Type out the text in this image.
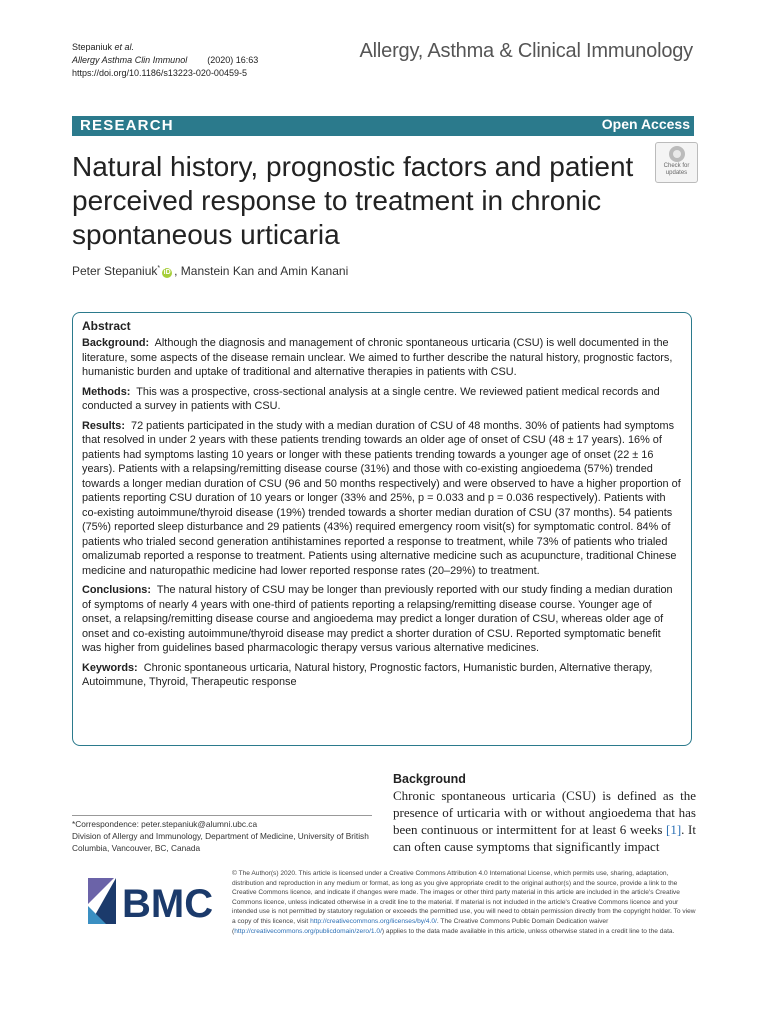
Stepaniuk et al.
Allergy Asthma Clin Immunol (2020) 16:63
https://doi.org/10.1186/s13223-020-00459-5
Allergy, Asthma & Clinical Immunology
RESEARCH	Open Access
Natural history, prognostic factors and patient perceived response to treatment in chronic spontaneous urticaria
Check for
updates
Peter Stepaniuk*iD , Manstein Kan and Amin Kanani
Abstract

Background: Although the diagnosis and management of chronic spontaneous urticaria (CSU) is well documented in the literature, some aspects of the disease remain unclear. We aimed to further describe the natural history, prognostic factors, humanistic burden and uptake of traditional and alternative therapies in patients with CSU.

Methods: This was a prospective, cross-sectional analysis at a single centre. We reviewed patient medical records and conducted a survey in patients with CSU.

Results: 72 patients participated in the study with a median duration of CSU of 48 months. 30% of patients had symptoms that resolved in under 2 years with these patients trending towards an older age of onset of CSU (48 ± 17 years). 16% of patients had symptoms lasting 10 years or longer with these patients trending towards a younger age of onset (22 ± 16 years). Patients with a relapsing/remitting disease course (31%) and those with co-existing angioedema (57%) trended towards a longer median duration of CSU (96 and 50 months respectively) and were observed to have a higher proportion of patients reporting CSU duration of 10 years or longer (33% and 25%, p = 0.033 and p = 0.036 respectively). Patients with co-existing autoimmune/thyroid disease (19%) trended towards a shorter median duration of CSU (37 months). 54 patients (75%) reported sleep disturbance and 29 patients (43%) required emergency room visit(s) for symptomatic control. 84% of patients who trialed second generation antihistamines reported a response to treatment, while 73% of patients who trialed omalizumab reported a response to treatment. Patients using alternative medicine such as acupuncture, traditional Chinese medicine and naturopathic medicine had lower reported response rates (20–29%) to treatment.

Conclusions: The natural history of CSU may be longer than previously reported with our study finding a median duration of symptoms of nearly 4 years with one-third of patients reporting a relapsing/remitting disease course. Younger age of onset, a relapsing/remitting disease course and angioedema may predict a longer duration of CSU, whereas older age of onset and co-existing autoimmune/thyroid disease may predict a shorter duration of CSU. Reported symptomatic benefit was higher from guidelines based pharmacologic therapy versus various alternative medicines.

Keywords: Chronic spontaneous urticaria, Natural history, Prognostic factors, Humanistic burden, Alternative therapy, Autoimmune, Thyroid, Therapeutic response

Background
Chronic spontaneous urticaria (CSU) is defined as the presence of urticaria with or without angioedema that has been continuous or intermittent for at least 6 weeks [1]. It can often cause symptoms that significantly impact
*Correspondence: peter.stepaniuk@alumni.ubc.ca
Division of Allergy and Immunology, Department of Medicine, University of British Columbia, Vancouver, BC, Canada
BMC
© The Author(s) 2020. This article is licensed under a Creative Commons Attribution 4.0 International License, which permits use, sharing, adaptation, distribution and reproduction in any medium or format, as long as you give appropriate credit to the original author(s) and the source, provide a link to the Creative Commons licence, and indicate if changes were made. The images or other third party material in this article are included in the article's Creative Commons licence, unless indicated otherwise in a credit line to the material. If material is not included in the article's Creative Commons licence and your intended use is not permitted by statutory regulation or exceeds the permitted use, you will need to obtain permission directly from the copyright holder. To view a copy of this licence, visit http://creativecommons.org/licenses/by/4.0/. The Creative Commons Public Domain Dedication waiver (http://creativecommons.org/publicdomain/zero/1.0/) applies to the data made available in this article, unless otherwise stated in a credit line to the data.
